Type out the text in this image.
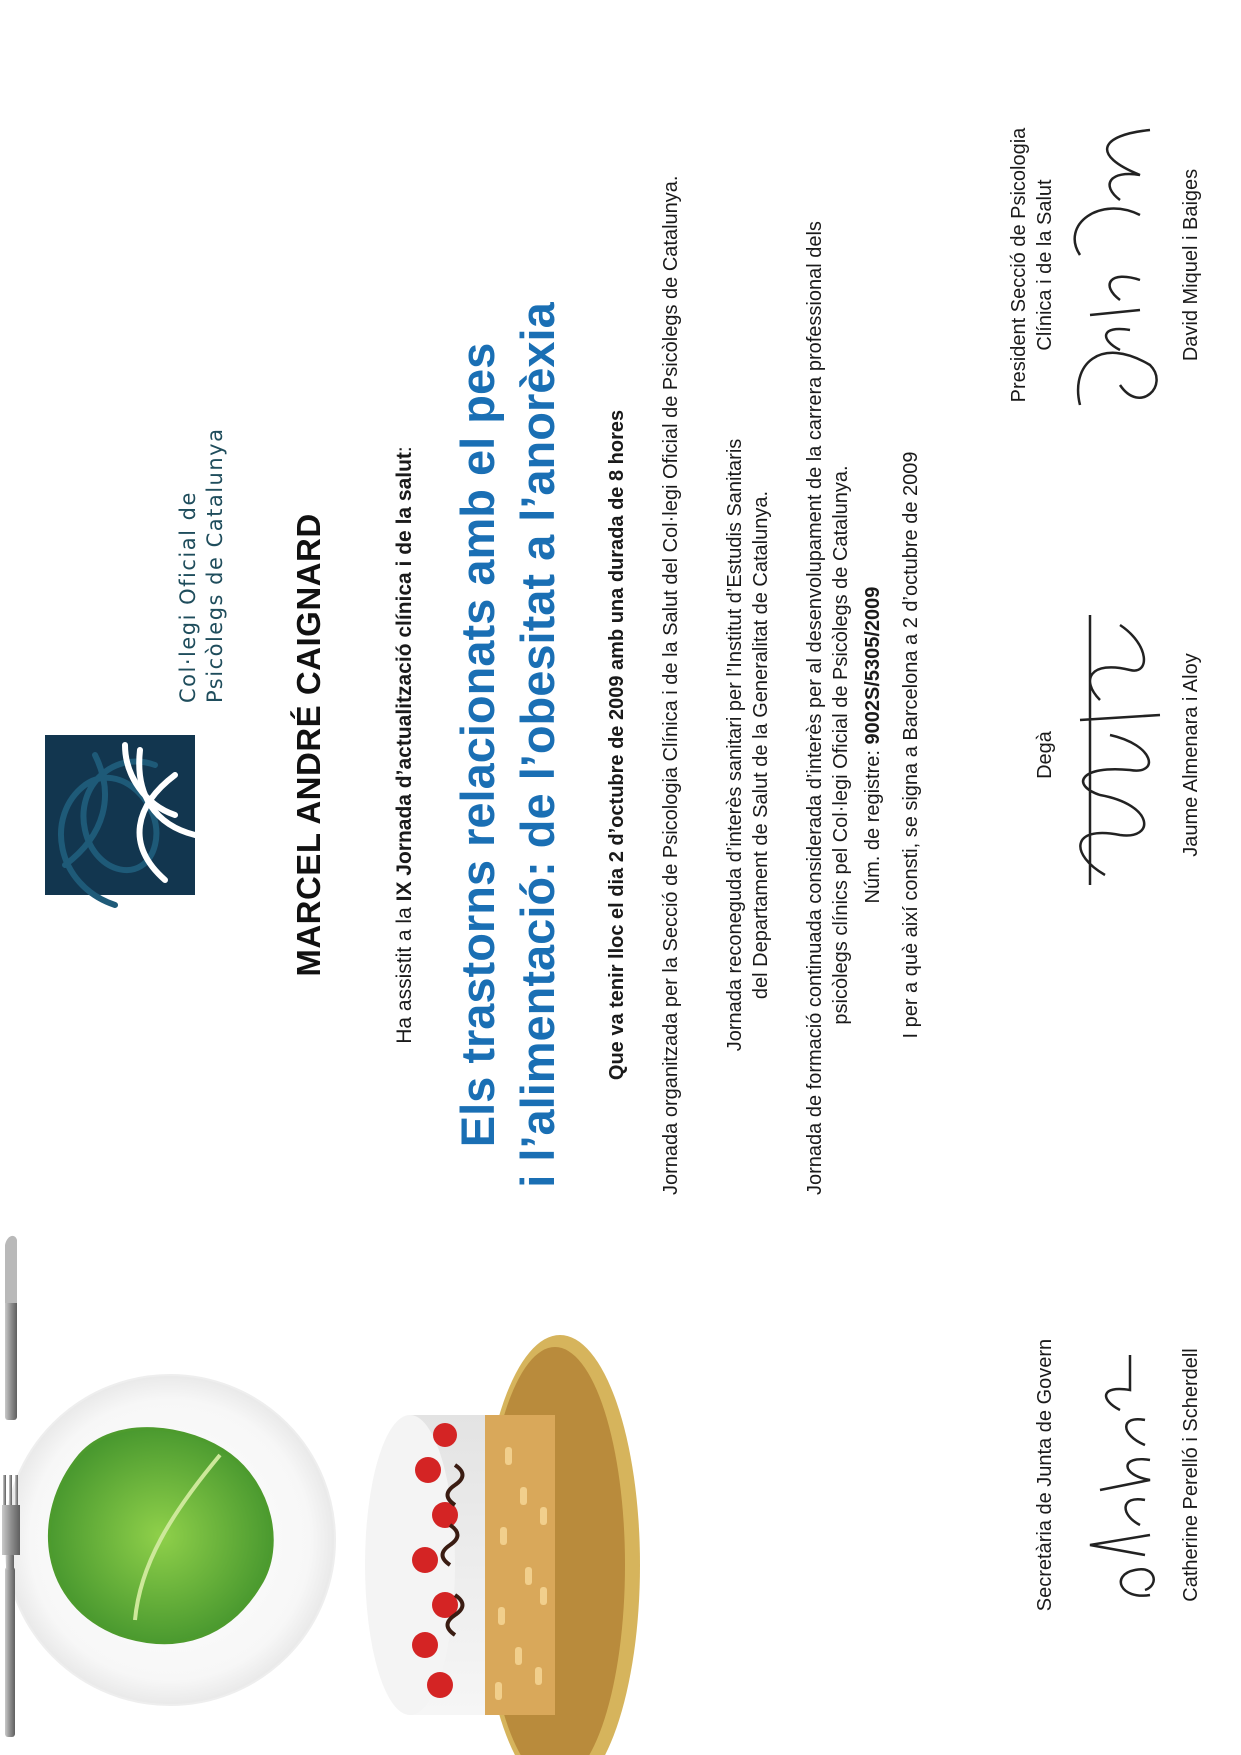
Col·legi Oficial de Psicòlegs de Catalunya MARCEL ANDRÉ CAIGNARD	Ha assistit a la IX Jornada d’actualització clínica i de la salut: Els trastorns relacionats amb el pes i l’alimentació: de l’obesitat a l’anorèxia Que va tenir lloc el dia 2 d’octubre de 2009 amb una durada de 8 hores Jornada organitzada per la Secció de Psicologia Clínica i de la Salut del Col·legi Oficial de Psicòlegs de Catalunya. Jornada reconeguda d’interès sanitari per l’Institut d’Estudis Sanitaris del Departament de Salut de la Generalitat de Catalunya. Jornada de formació continuada considerada d’interès per al desenvolupament de la carrera professional dels psicòlegs clínics pel Col·legi Oficial de Psicòlegs de Catalunya. Núm. de registre: 9002S/5305/2009 I per a què així consti, se signa a Barcelona a 2 d’octubre de 2009
Secretària de Junta de Govern	Catherine Perelló i Scherdell
Degà	Jaume Almenara i Aloy
President Secció de Psicologia Clínica i de la Salut	David Miquel i Baiges
